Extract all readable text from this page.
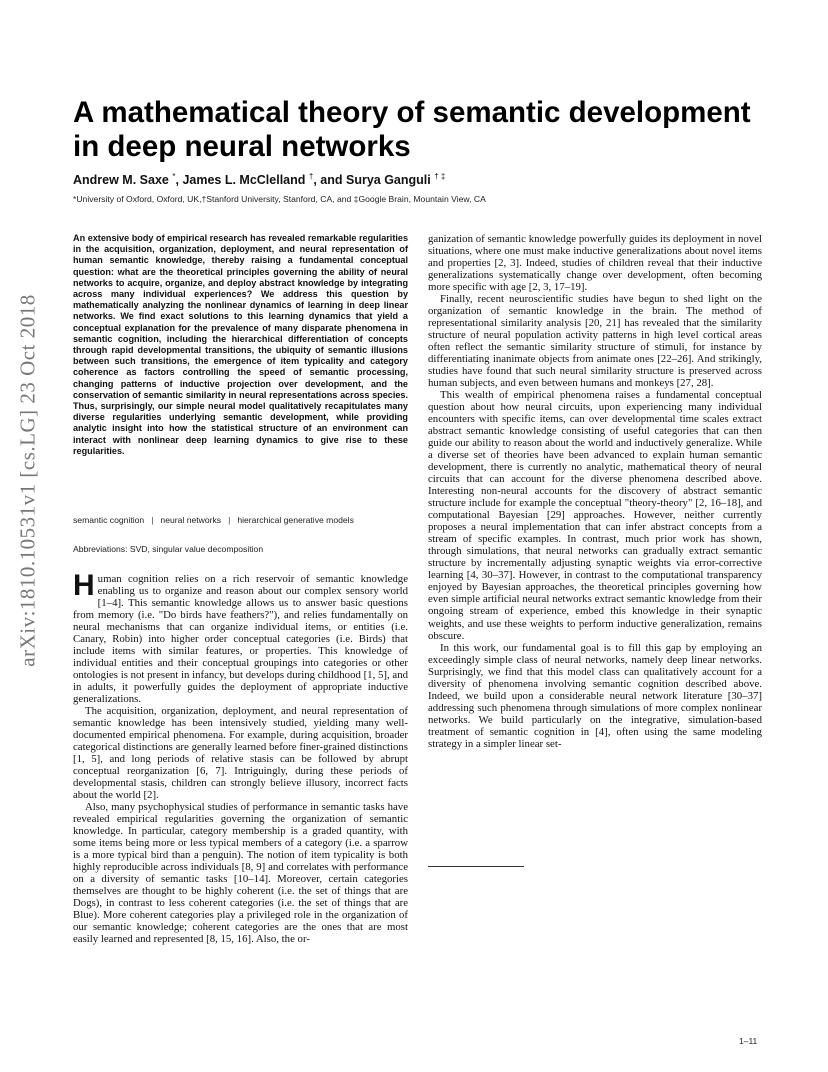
arXiv:1810.10531v1 [cs.LG] 23 Oct 2018
A mathematical theory of semantic development in deep neural networks

Andrew M. Saxe *, James L. McClelland †, and Surya Ganguli † ‡

*University of Oxford, Oxford, UK,†Stanford University, Stanford, CA, and ‡Google Brain, Mountain View, CA

An extensive body of empirical research has revealed remarkable regularities in the acquisition, organization, deployment, and neural representation of human semantic knowledge, thereby raising a fundamental conceptual question: what are the theoretical principles governing the ability of neural networks to acquire, organize, and deploy abstract knowledge by integrating across many individual experiences? We address this question by mathematically analyzing the nonlinear dynamics of learning in deep linear networks. We find exact solutions to this learning dynamics that yield a conceptual explanation for the prevalence of many disparate phenomena in semantic cognition, including the hierarchical differentiation of concepts through rapid developmental transitions, the ubiquity of semantic illusions between such transitions, the emergence of item typicality and category coherence as factors controlling the speed of semantic processing, changing patterns of inductive projection over development, and the conservation of semantic similarity in neural representations across species. Thus, surprisingly, our simple neural model qualitatively recapitulates many diverse regularities underlying semantic development, while providing analytic insight into how the statistical structure of an environment can interact with nonlinear deep learning dynamics to give rise to these regularities.

semantic cognition | neural networks | hierarchical generative models

Abbreviations: SVD, singular value decomposition

Human cognition relies on a rich reservoir of semantic knowledge enabling us to organize and reason about our complex sensory world [1–4]. This semantic knowledge allows us to answer basic questions from memory (i.e. "Do birds have feathers?"), and relies fundamentally on neural mechanisms that can organize individual items, or entities (i.e. Canary, Robin) into higher order conceptual categories (i.e. Birds) that include items with similar features, or properties. This knowledge of individual entities and their conceptual groupings into categories or other ontologies is not present in infancy, but develops during childhood [1, 5], and in adults, it powerfully guides the deployment of appropriate inductive generalizations.

The acquisition, organization, deployment, and neural representation of semantic knowledge has been intensively studied, yielding many well-documented empirical phenomena. For example, during acquisition, broader categorical distinctions are generally learned before finer-grained distinctions [1, 5], and long periods of relative stasis can be followed by abrupt conceptual reorganization [6, 7]. Intriguingly, during these periods of developmental stasis, children can strongly believe illusory, incorrect facts about the world [2].

Also, many psychophysical studies of performance in semantic tasks have revealed empirical regularities governing the organization of semantic knowledge. In particular, category membership is a graded quantity, with some items being more or less typical members of a category (i.e. a sparrow is a more typical bird than a penguin). The notion of item typicality is both highly reproducible across individuals [8, 9] and correlates with performance on a diversity of semantic tasks [10–14]. Moreover, certain categories themselves are thought to be highly coherent (i.e. the set of things that are Dogs), in contrast to less coherent categories (i.e. the set of things that are Blue). More coherent categories play a privileged role in the organization of our semantic knowledge; coherent categories are the ones that are most easily learned and represented [8, 15, 16]. Also, the or-

ganization of semantic knowledge powerfully guides its deployment in novel situations, where one must make inductive generalizations about novel items and properties [2, 3]. Indeed, studies of children reveal that their inductive generalizations systematically change over development, often becoming more specific with age [2, 3, 17–19].

Finally, recent neuroscientific studies have begun to shed light on the organization of semantic knowledge in the brain. The method of representational similarity analysis [20, 21] has revealed that the similarity structure of neural population activity patterns in high level cortical areas often reflect the semantic similarity structure of stimuli, for instance by differentiating inanimate objects from animate ones [22–26]. And strikingly, studies have found that such neural similarity structure is preserved across human subjects, and even between humans and monkeys [27, 28].

This wealth of empirical phenomena raises a fundamental conceptual question about how neural circuits, upon experiencing many individual encounters with specific items, can over developmental time scales extract abstract semantic knowledge consisting of useful categories that can then guide our ability to reason about the world and inductively generalize. While a diverse set of theories have been advanced to explain human semantic development, there is currently no analytic, mathematical theory of neural circuits that can account for the diverse phenomena described above. Interesting non-neural accounts for the discovery of abstract semantic structure include for example the conceptual "theory-theory" [2, 16–18], and computational Bayesian [29] approaches. However, neither currently proposes a neural implementation that can infer abstract concepts from a stream of specific examples. In contrast, much prior work has shown, through simulations, that neural networks can gradually extract semantic structure by incrementally adjusting synaptic weights via error-corrective learning [4, 30–37]. However, in contrast to the computational transparency enjoyed by Bayesian approaches, the theoretical principles governing how even simple artificial neural networks extract semantic knowledge from their ongoing stream of experience, embed this knowledge in their synaptic weights, and use these weights to perform inductive generalization, remains obscure.

In this work, our fundamental goal is to fill this gap by employing an exceedingly simple class of neural networks, namely deep linear networks. Surprisingly, we find that this model class can qualitatively account for a diversity of phenomena involving semantic cognition described above. Indeed, we build upon a considerable neural network literature [30–37] addressing such phenomena through simulations of more complex nonlinear networks. We build particularly on the integrative, simulation-based treatment of semantic cognition in [4], often using the same modeling strategy in a simpler linear set-

1–11
